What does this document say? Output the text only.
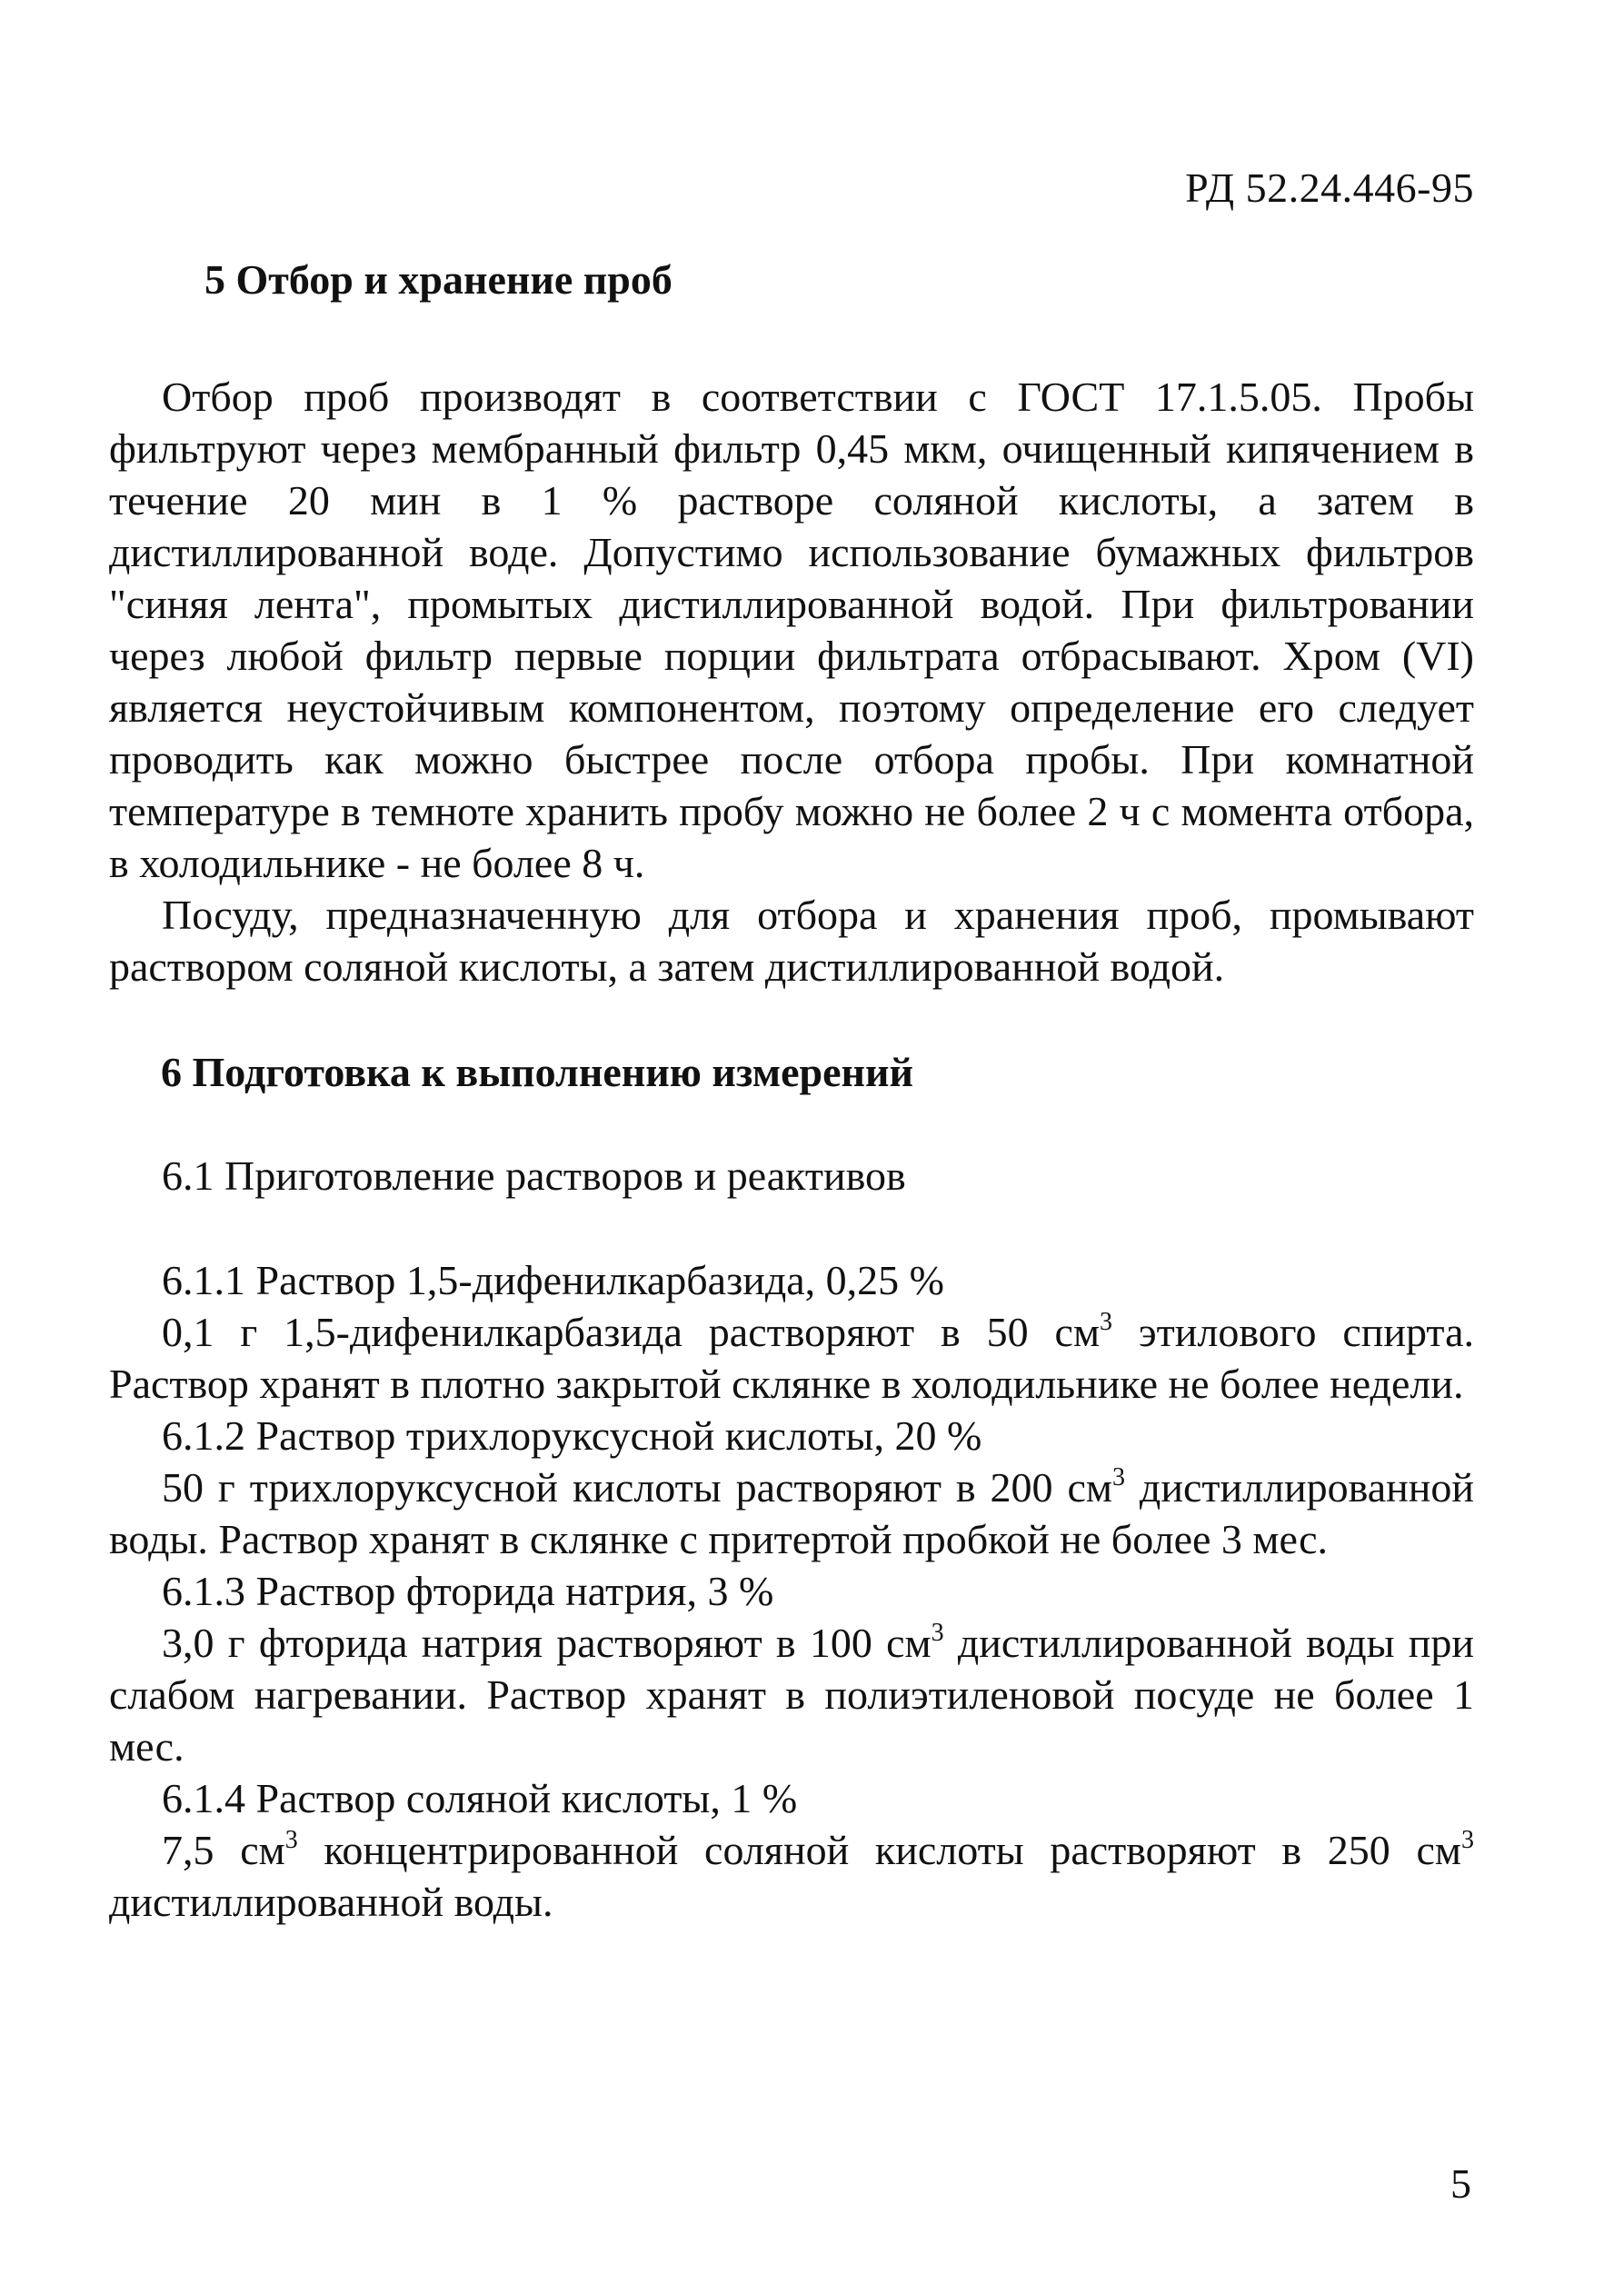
РД 52.24.446-95
5 Отбор и хранение проб

Отбор проб производят в соответствии с ГОСТ 17.1.5.05. Пробы фильтруют через мембранный фильтр 0,45 мкм, очищенный кипячением в течение 20 мин в 1 % растворе соляной кислоты, а затем в дистиллированной воде. Допустимо использование бумажных фильтров "синяя лента", промытых дистиллированной водой. При фильтровании через любой фильтр первые порции фильтрата отбрасывают. Хром (VI) является неустойчивым компонентом, поэтому определение его следует проводить как можно быстрее после отбора пробы. При комнатной температуре в темноте хранить пробу можно не более 2 ч с момента отбора, в холодильнике - не более 8 ч.

Посуду, предназначенную для отбора и хранения проб, промывают раствором соляной кислоты, а затем дистиллированной водой.

6 Подготовка к выполнению измерений
6.1 Приготовление растворов и реактивов
6.1.1 Раствор 1,5-дифенилкарбазида, 0,25 %

0,1 г 1,5-дифенилкарбазида растворяют в 50 $см^3$ этилового спирта. Раствор хранят в плотно закрытой склянке в холодильнике не более недели.

6.1.2 Раствор трихлоруксусной кислоты, 20 %

50 г трихлоруксусной кислоты растворяют в 200 $см^3$ дистиллированной воды. Раствор хранят в склянке с притертой пробкой не более 3 мес.

6.1.3 Раствор фторида натрия, 3 %

3,0 г фторида натрия растворяют в 100 $см^3$ дистиллированной воды при слабом нагревании. Раствор хранят в полиэтиленовой посуде не более 1 мес.

6.1.4 Раствор соляной кислоты, 1 %

7,5 $см^3$ концентрированной соляной кислоты растворяют в 250 $см^3$ дистиллированной воды.

5
